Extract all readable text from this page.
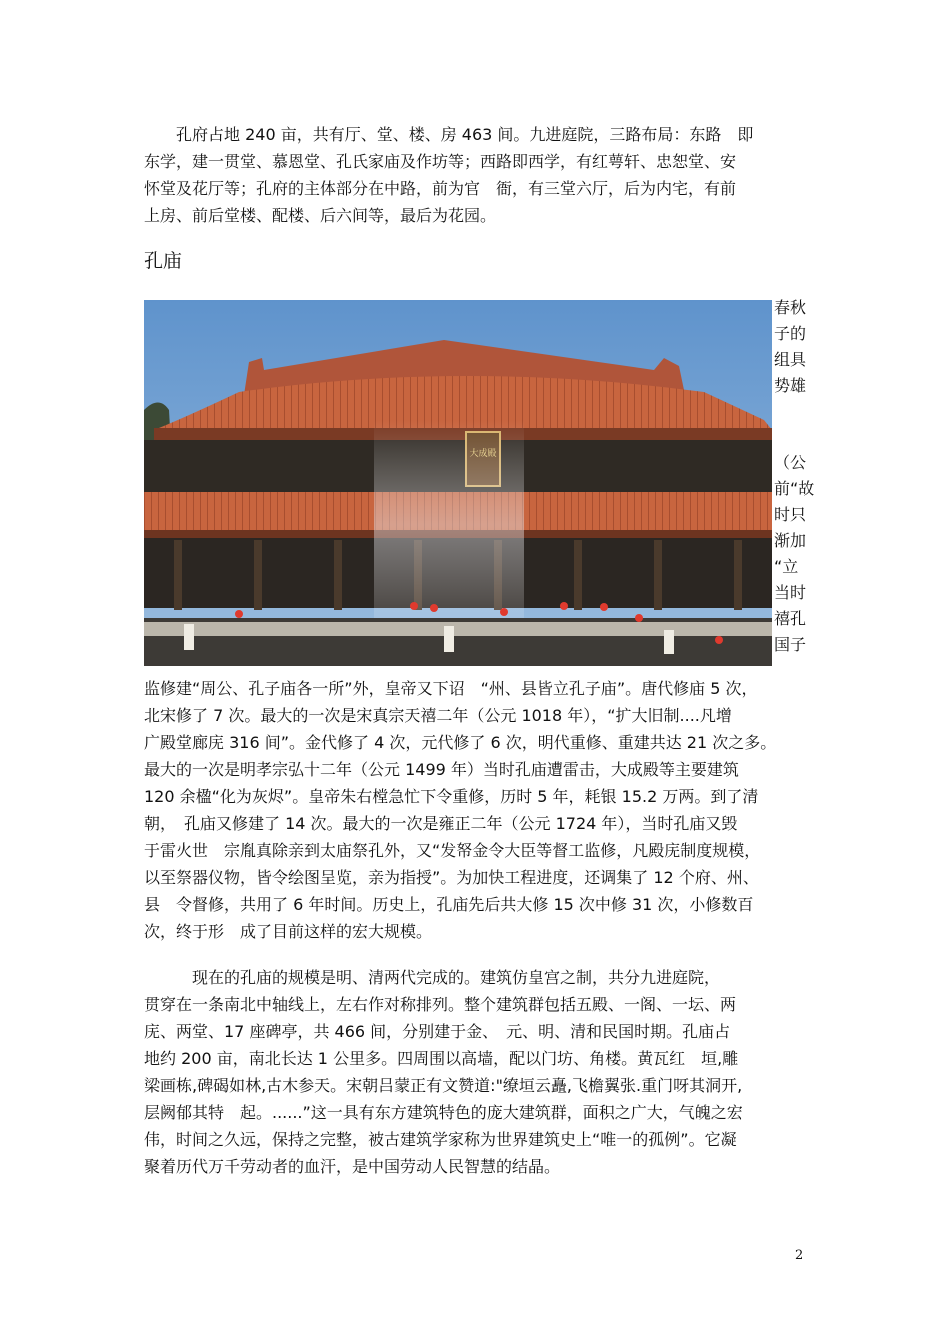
　　孔府占地 240 亩，共有厅、堂、楼、房 463 间。九进庭院，三路布局：东路　即
东学，建一贯堂、慕恩堂、孔氏家庙及作坊等；西路即西学，有红萼轩、忠恕堂、安
怀堂及花厅等；孔府的主体部分在中路，前为官　衙，有三堂六厅，后为内宅，有前
上房、前后堂楼、配楼、后六间等，最后为花园。

孔庙
春秋
子的
组具
势雄
（公
前“故
时只
渐加
“立
当时
禧孔
国子

监修建“周公、孔子庙各一所”外，皇帝又下诏　“州、县皆立孔子庙”。唐代修庙 5 次，
北宋修了 7 次。最大的一次是宋真宗天禧二年（公元 1018 年），“扩大旧制....凡增
广殿堂廊庑 316 间”。金代修了 4 次，元代修了 6 次，明代重修、重建共达 21 次之多。
最大的一次是明孝宗弘十二年（公元 1499 年）当时孔庙遭雷击，大成殿等主要建筑
120 余楹“化为灰烬”。皇帝朱右樘急忙下令重修，历时 5 年，耗银 15.2 万两。到了清
朝，　孔庙又修建了 14 次。最大的一次是雍正二年（公元 1724 年），当时孔庙又毁
于雷火世　宗胤真除亲到太庙祭孔外，又“发帑金令大臣等督工监修，凡殿庑制度规模，
以至祭器仪物，皆令绘图呈览，亲为指授”。为加快工程进度，还调集了 12 个府、州、
县　令督修，共用了 6 年时间。历史上，孔庙先后共大修 15 次中修 31 次，小修数百
次，终于形　成了目前这样的宏大规模。

　　　现在的孔庙的规模是明、清两代完成的。建筑仿皇宫之制，共分九进庭院，
贯穿在一条南北中轴线上，左右作对称排列。整个建筑群包括五殿、一阁、一坛、两
庑、两堂、17 座碑亭，共 466 间，分别建于金、　元、明、清和民国时期。孔庙占
地约 200 亩，南北长达 1 公里多。四周围以高墙，配以门坊、角楼。黄瓦红　垣,雕
梁画栋,碑碣如林,古木参天。宋朝吕蒙正有文赞道:"缭垣云矗,飞檐翼张.重门呀其洞开,
层阙郁其特　起。......”这一具有东方建筑特色的庞大建筑群，面积之广大，气魄之宏
伟，时间之久远，保持之完整，被古建筑学家称为世界建筑史上“唯一的孤例”。它凝
聚着历代万千劳动者的血汗，是中国劳动人民智慧的结晶。

2
